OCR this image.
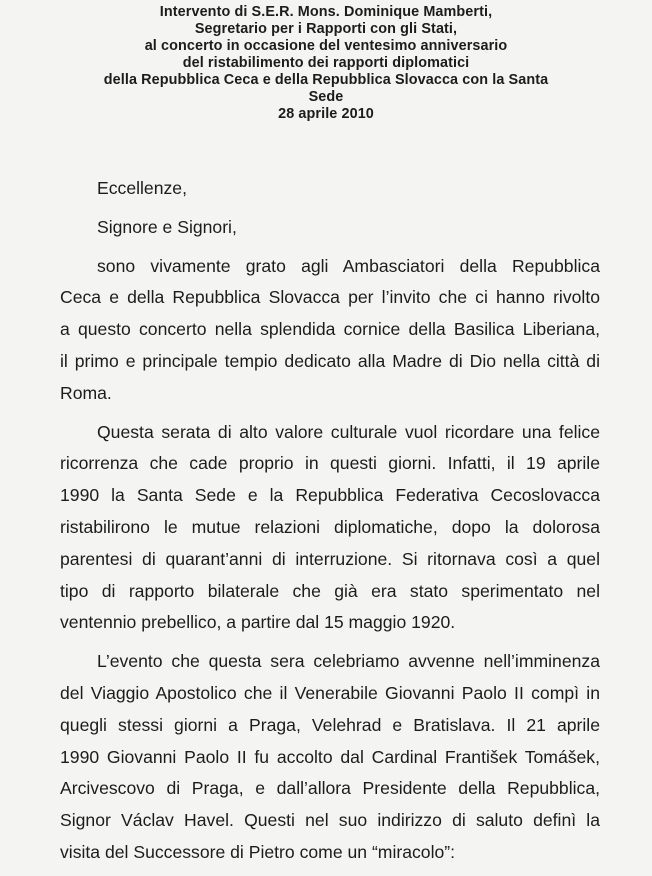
Intervento di S.E.R. Mons. Dominique Mamberti,
Segretario per i Rapporti con gli Stati,
al concerto in occasione del ventesimo anniversario
del ristabilimento dei rapporti diplomatici
della Repubblica Ceca e della Repubblica Slovacca con la Santa
Sede
28 aprile 2010
Eccellenze,
Signore e Signori,
sono vivamente grato agli Ambasciatori della Repubblica
Ceca e della Repubblica Slovacca per l’invito che ci hanno rivolto
a questo concerto nella splendida cornice della Basilica Liberiana,
il primo e principale tempio dedicato alla Madre di Dio nella città di
Roma.
Questa serata di alto valore culturale vuol ricordare una felice
ricorrenza che cade proprio in questi giorni. Infatti, il 19 aprile
1990 la Santa Sede e la Repubblica Federativa Cecoslovacca
ristabilirono le mutue relazioni diplomatiche, dopo la dolorosa
parentesi di quarant’anni di interruzione. Si ritornava così a quel
tipo di rapporto bilaterale che già era stato sperimentato nel
ventennio prebellico, a partire dal 15 maggio 1920.
L’evento che questa sera celebriamo avvenne nell’imminenza
del Viaggio Apostolico che il Venerabile Giovanni Paolo II compì in
quegli stessi giorni a Praga, Velehrad e Bratislava. Il 21 aprile
1990 Giovanni Paolo II fu accolto dal Cardinal František Tomášek,
Arcivescovo di Praga, e dall’allora Presidente della Repubblica,
Signor Václav Havel. Questi nel suo indirizzo di saluto definì la
visita del Successore di Pietro come un “miracolo”:
